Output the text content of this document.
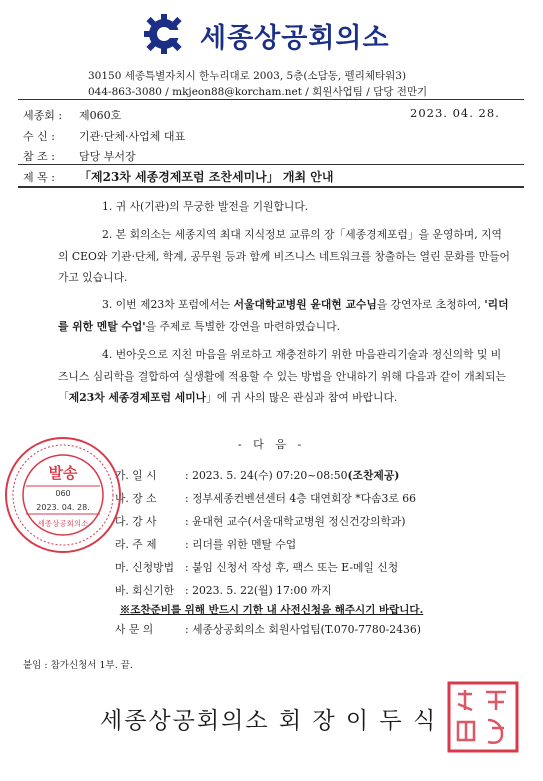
세종상공회의소
30150 세종특별자치시 한누리대로 2003, 5층(소담동, 펠리체타워3)
044-863-3080 / mkjeon88@korcham.net / 회원사업팀 / 담당 전만기
세종회 : 제060호	2023. 04. 28.
수 신 : 기관·단체·사업체 대표
참 조 : 담당 부서장
제 목 : 「제23차 세종경제포럼 조찬세미나」 개최 안내
1. 귀 사(기관)의 무궁한 발전을 기원합니다.
2. 본 회의소는 세종지역 최대 지식정보 교류의 장「세종경제포럼」을 운영하며, 지역의 CEO와 기관·단체, 학계, 공무원 등과 함께 비즈니스 네트워크를 창출하는 열린 문화를 만들어가고 있습니다.
3. 이번 제23차 포럼에서는 서울대학교병원 윤대현 교수님을 강연자로 초청하여, '리더를 위한 멘탈 수업'을 주제로 특별한 강연을 마련하였습니다.
4. 번아웃으로 지친 마음을 위로하고 재충전하기 위한 마음관리기술과 정신의학 및 비즈니스 심리학을 결합하여 실생활에 적용할 수 있는 방법을 안내하기 위해 다음과 같이 개최되는「제23차 세종경제포럼 세미나」에 귀 사의 많은 관심과 참여 바랍니다.
- 다 음 -
가. 일 시	: 2023. 5. 24(수) 07:20~08:50(조찬제공)
나. 장 소	: 정부세종컨벤션센터 4층 대연회장 *다솜3로 66
다. 강 사	: 윤대현 교수(서울대학교병원 정신건강의학과)
라. 주 제	: 리더를 위한 멘탈 수업
마. 신청방법 : 붙임 신청서 작성 후, 팩스 또는 E-메일 신청
바. 회신기한 : 2023. 5. 22(월) 17:00 까지
※조찬준비를 위해 반드시 기한 내 사전신청을 해주시기 바랍니다.
사 문 의	: 세종상공회의소 회원사업팀(T.070-7780-2436)
붙임 : 참가신청서 1부. 끝.
세종상공회의소 회 장 이 두 식
발송
060
2023. 04. 28.
세종상공회의소
